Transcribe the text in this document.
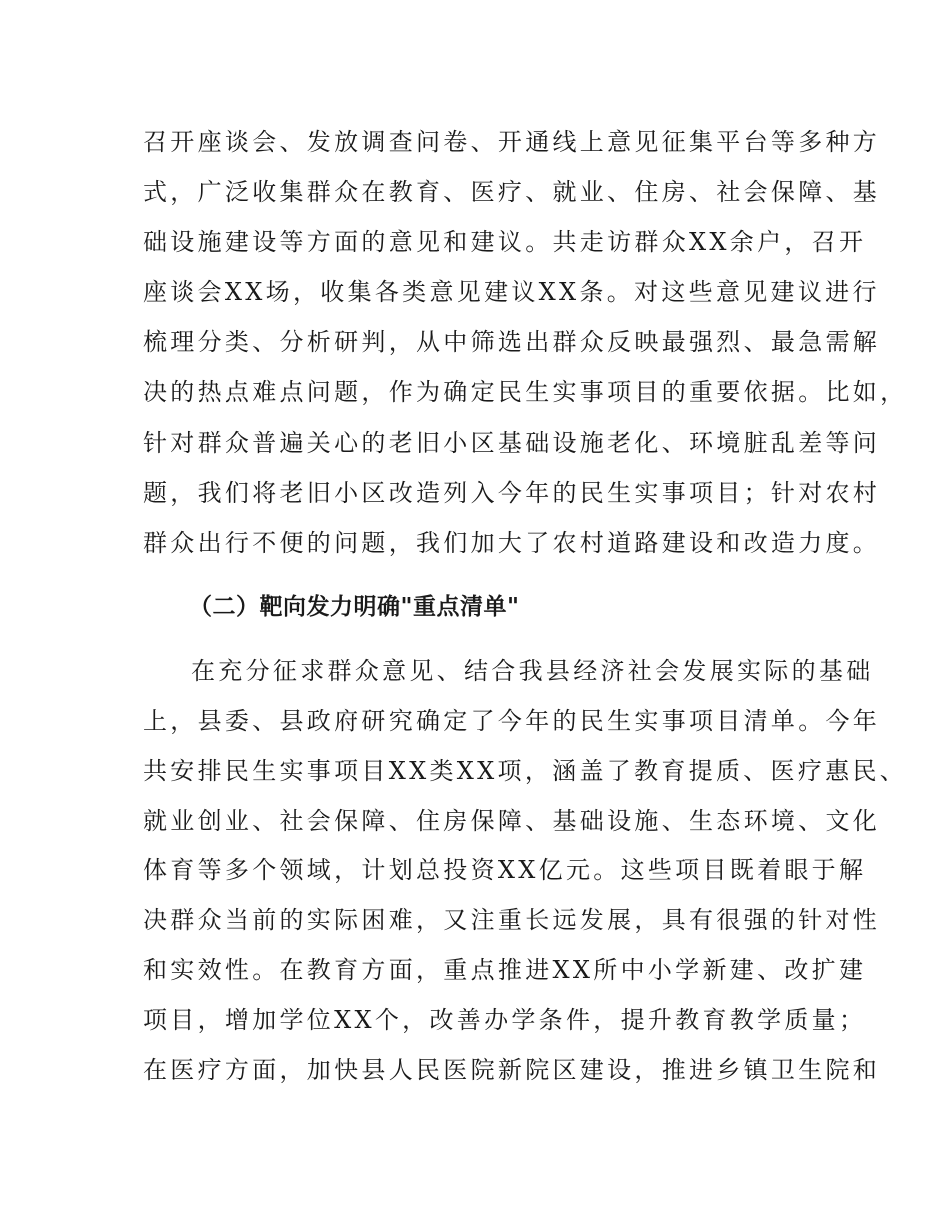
召开座谈会、发放调查问卷、开通线上意见征集平台等多种方
式，广泛收集群众在教育、医疗、就业、住房、社会保障、基
础设施建设等方面的意见和建议。共走访群众XX余户，召开
座谈会XX场，收集各类意见建议XX条。对这些意见建议进行
梳理分类、分析研判，从中筛选出群众反映最强烈、最急需解
决的热点难点问题，作为确定民生实事项目的重要依据。比如，
针对群众普遍关心的老旧小区基础设施老化、环境脏乱差等问
题，我们将老旧小区改造列入今年的民生实事项目；针对农村
群众出行不便的问题，我们加大了农村道路建设和改造力度。
（二）靶向发力明确"重点清单"
在充分征求群众意见、结合我县经济社会发展实际的基础
上，县委、县政府研究确定了今年的民生实事项目清单。今年
共安排民生实事项目XX类XX项，涵盖了教育提质、医疗惠民、
就业创业、社会保障、住房保障、基础设施、生态环境、文化
体育等多个领域，计划总投资XX亿元。这些项目既着眼于解
决群众当前的实际困难，又注重长远发展，具有很强的针对性
和实效性。在教育方面，重点推进XX所中小学新建、改扩建
项目，增加学位XX个，改善办学条件，提升教育教学质量；
在医疗方面，加快县人民医院新院区建设，推进乡镇卫生院和
